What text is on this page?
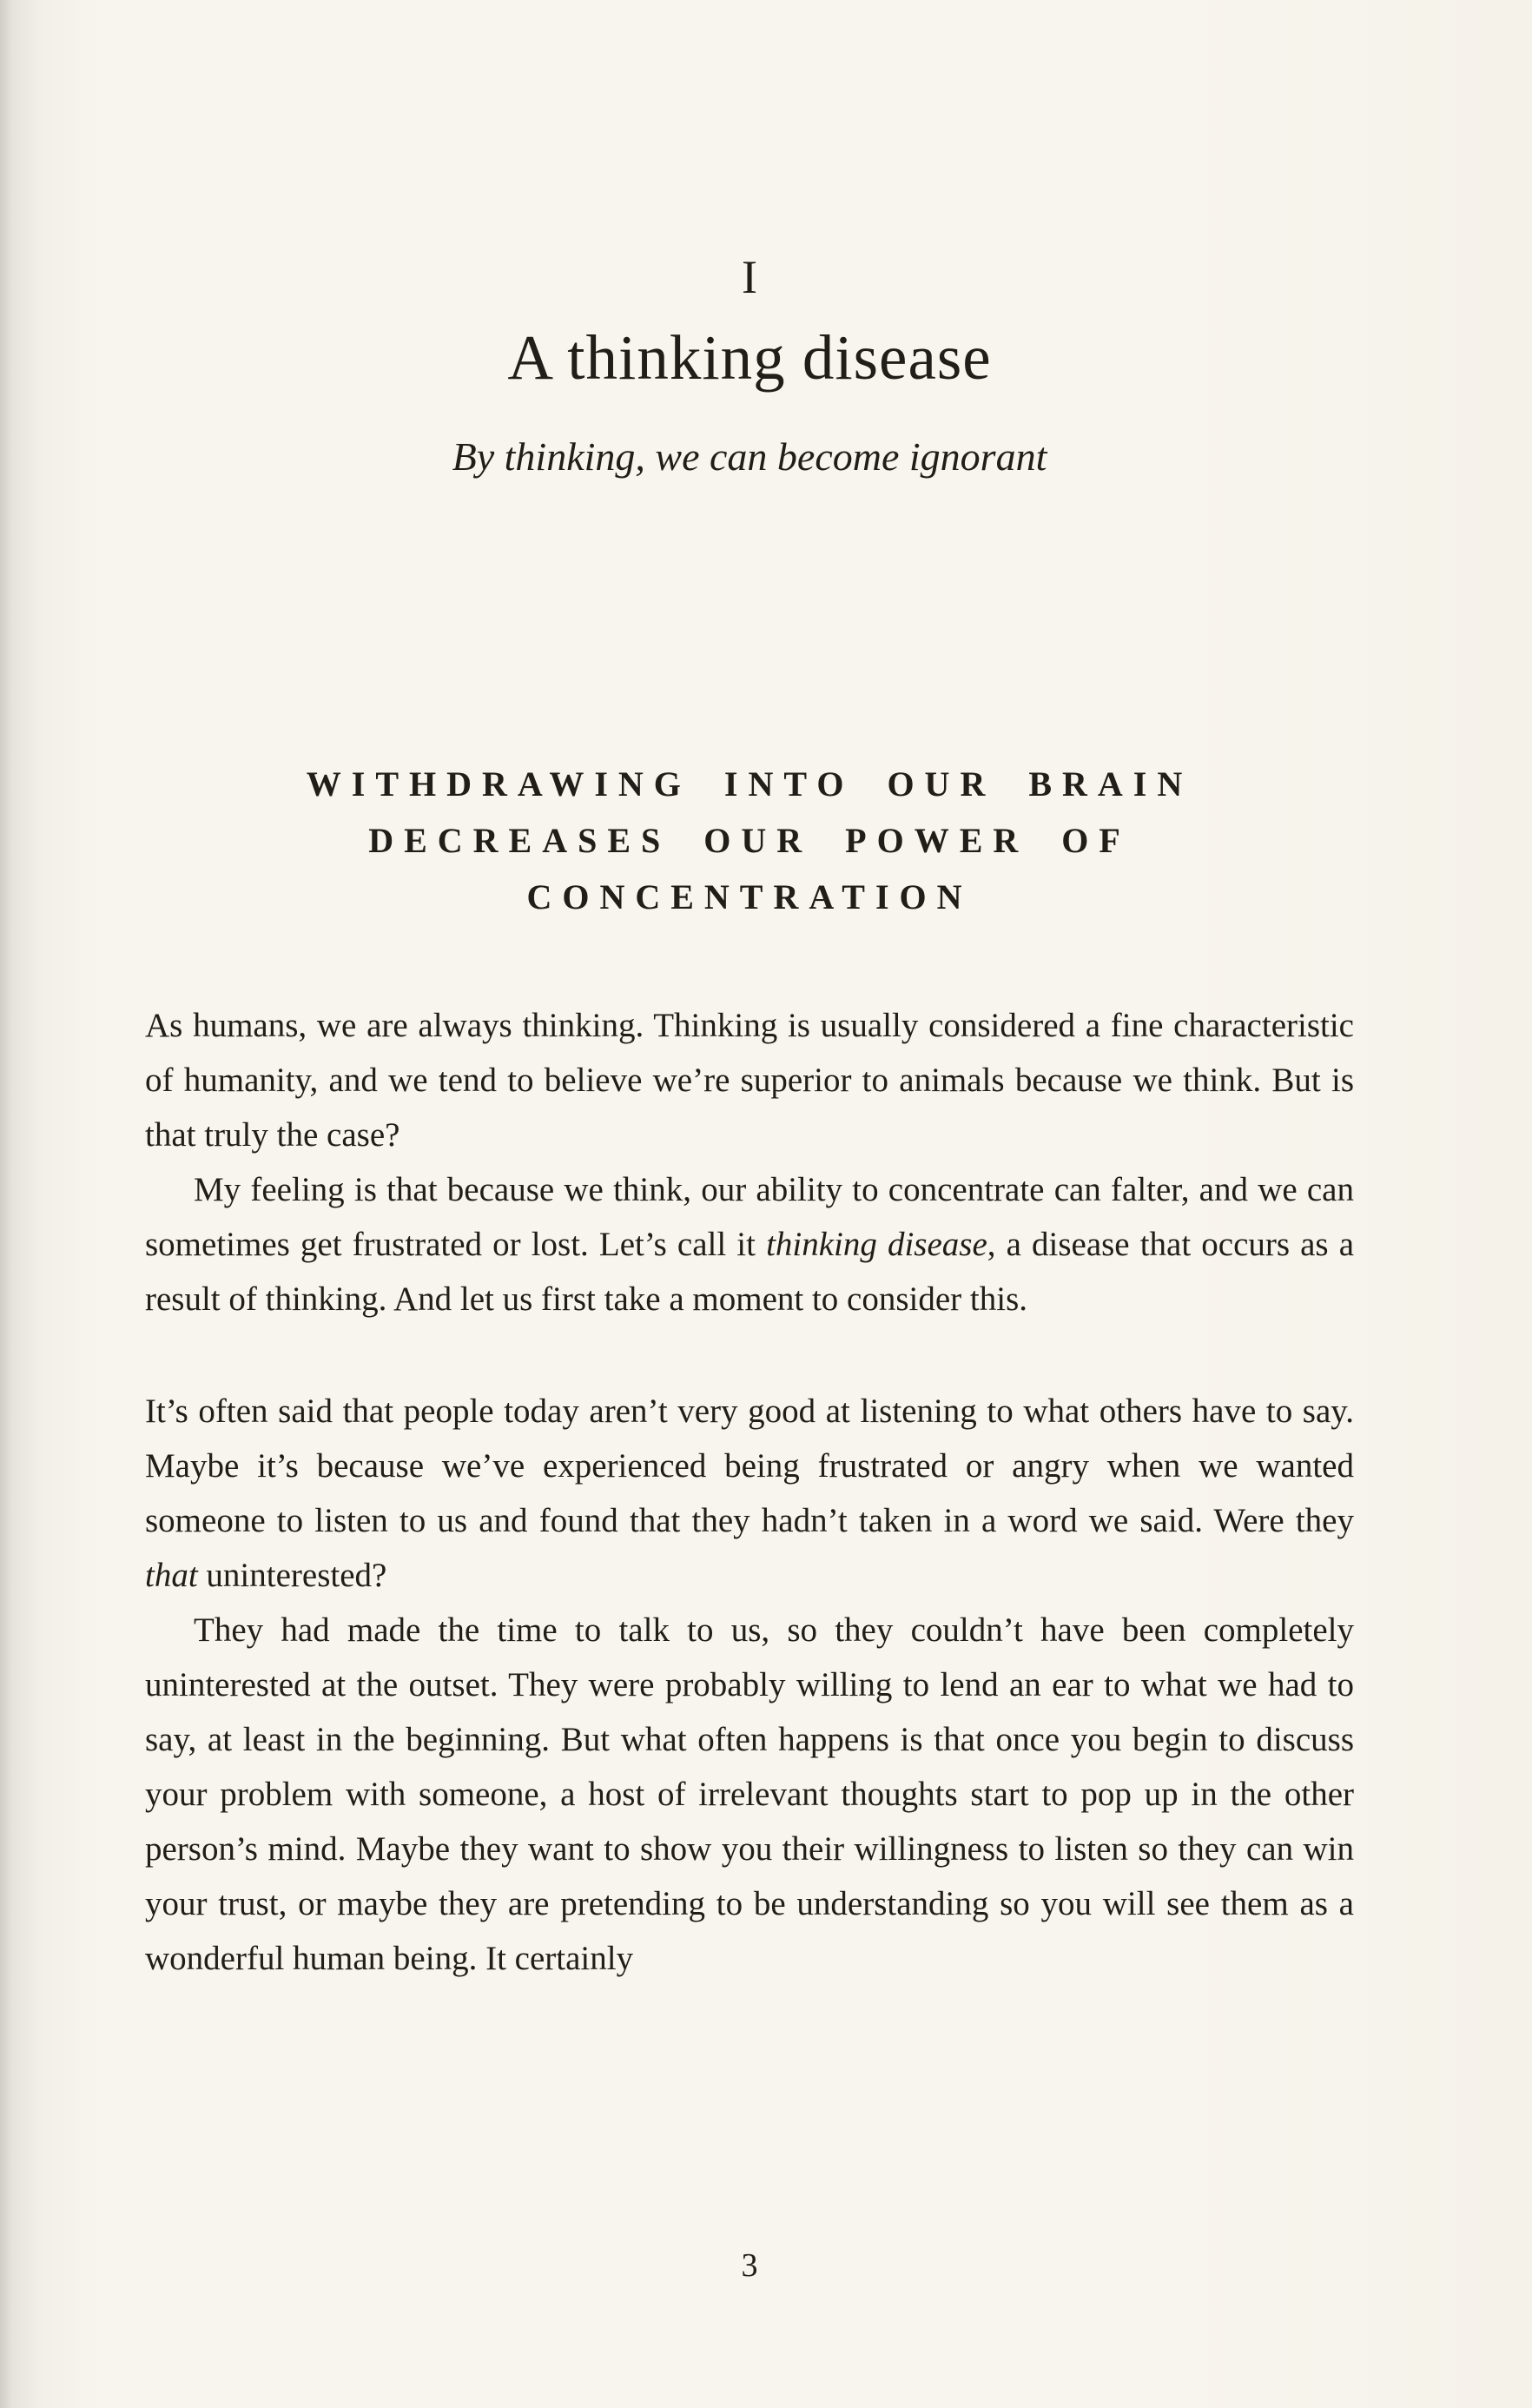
I
A thinking disease
By thinking, we can become ignorant
WITHDRAWING INTO OUR BRAIN
DECREASES OUR POWER OF
CONCENTRATION

As humans, we are always thinking. Thinking is usually considered a fine characteristic of humanity, and we tend to believe we’re superior to animals because we think. But is that truly the case?

My feeling is that because we think, our ability to concentrate can falter, and we can sometimes get frustrated or lost. Let’s call it thinking disease, a disease that occurs as a result of thinking. And let us first take a moment to consider this.

It’s often said that people today aren’t very good at listening to what others have to say. Maybe it’s because we’ve experienced being frustrated or angry when we wanted someone to listen to us and found that they hadn’t taken in a word we said. Were they that uninterested?

They had made the time to talk to us, so they couldn’t have been completely uninterested at the outset. They were probably willing to lend an ear to what we had to say, at least in the beginning. But what often happens is that once you begin to discuss your problem with someone, a host of irrelevant thoughts start to pop up in the other person’s mind. Maybe they want to show you their willingness to listen so they can win your trust, or maybe they are pretending to be understanding so you will see them as a wonderful human being. It certainly

3
